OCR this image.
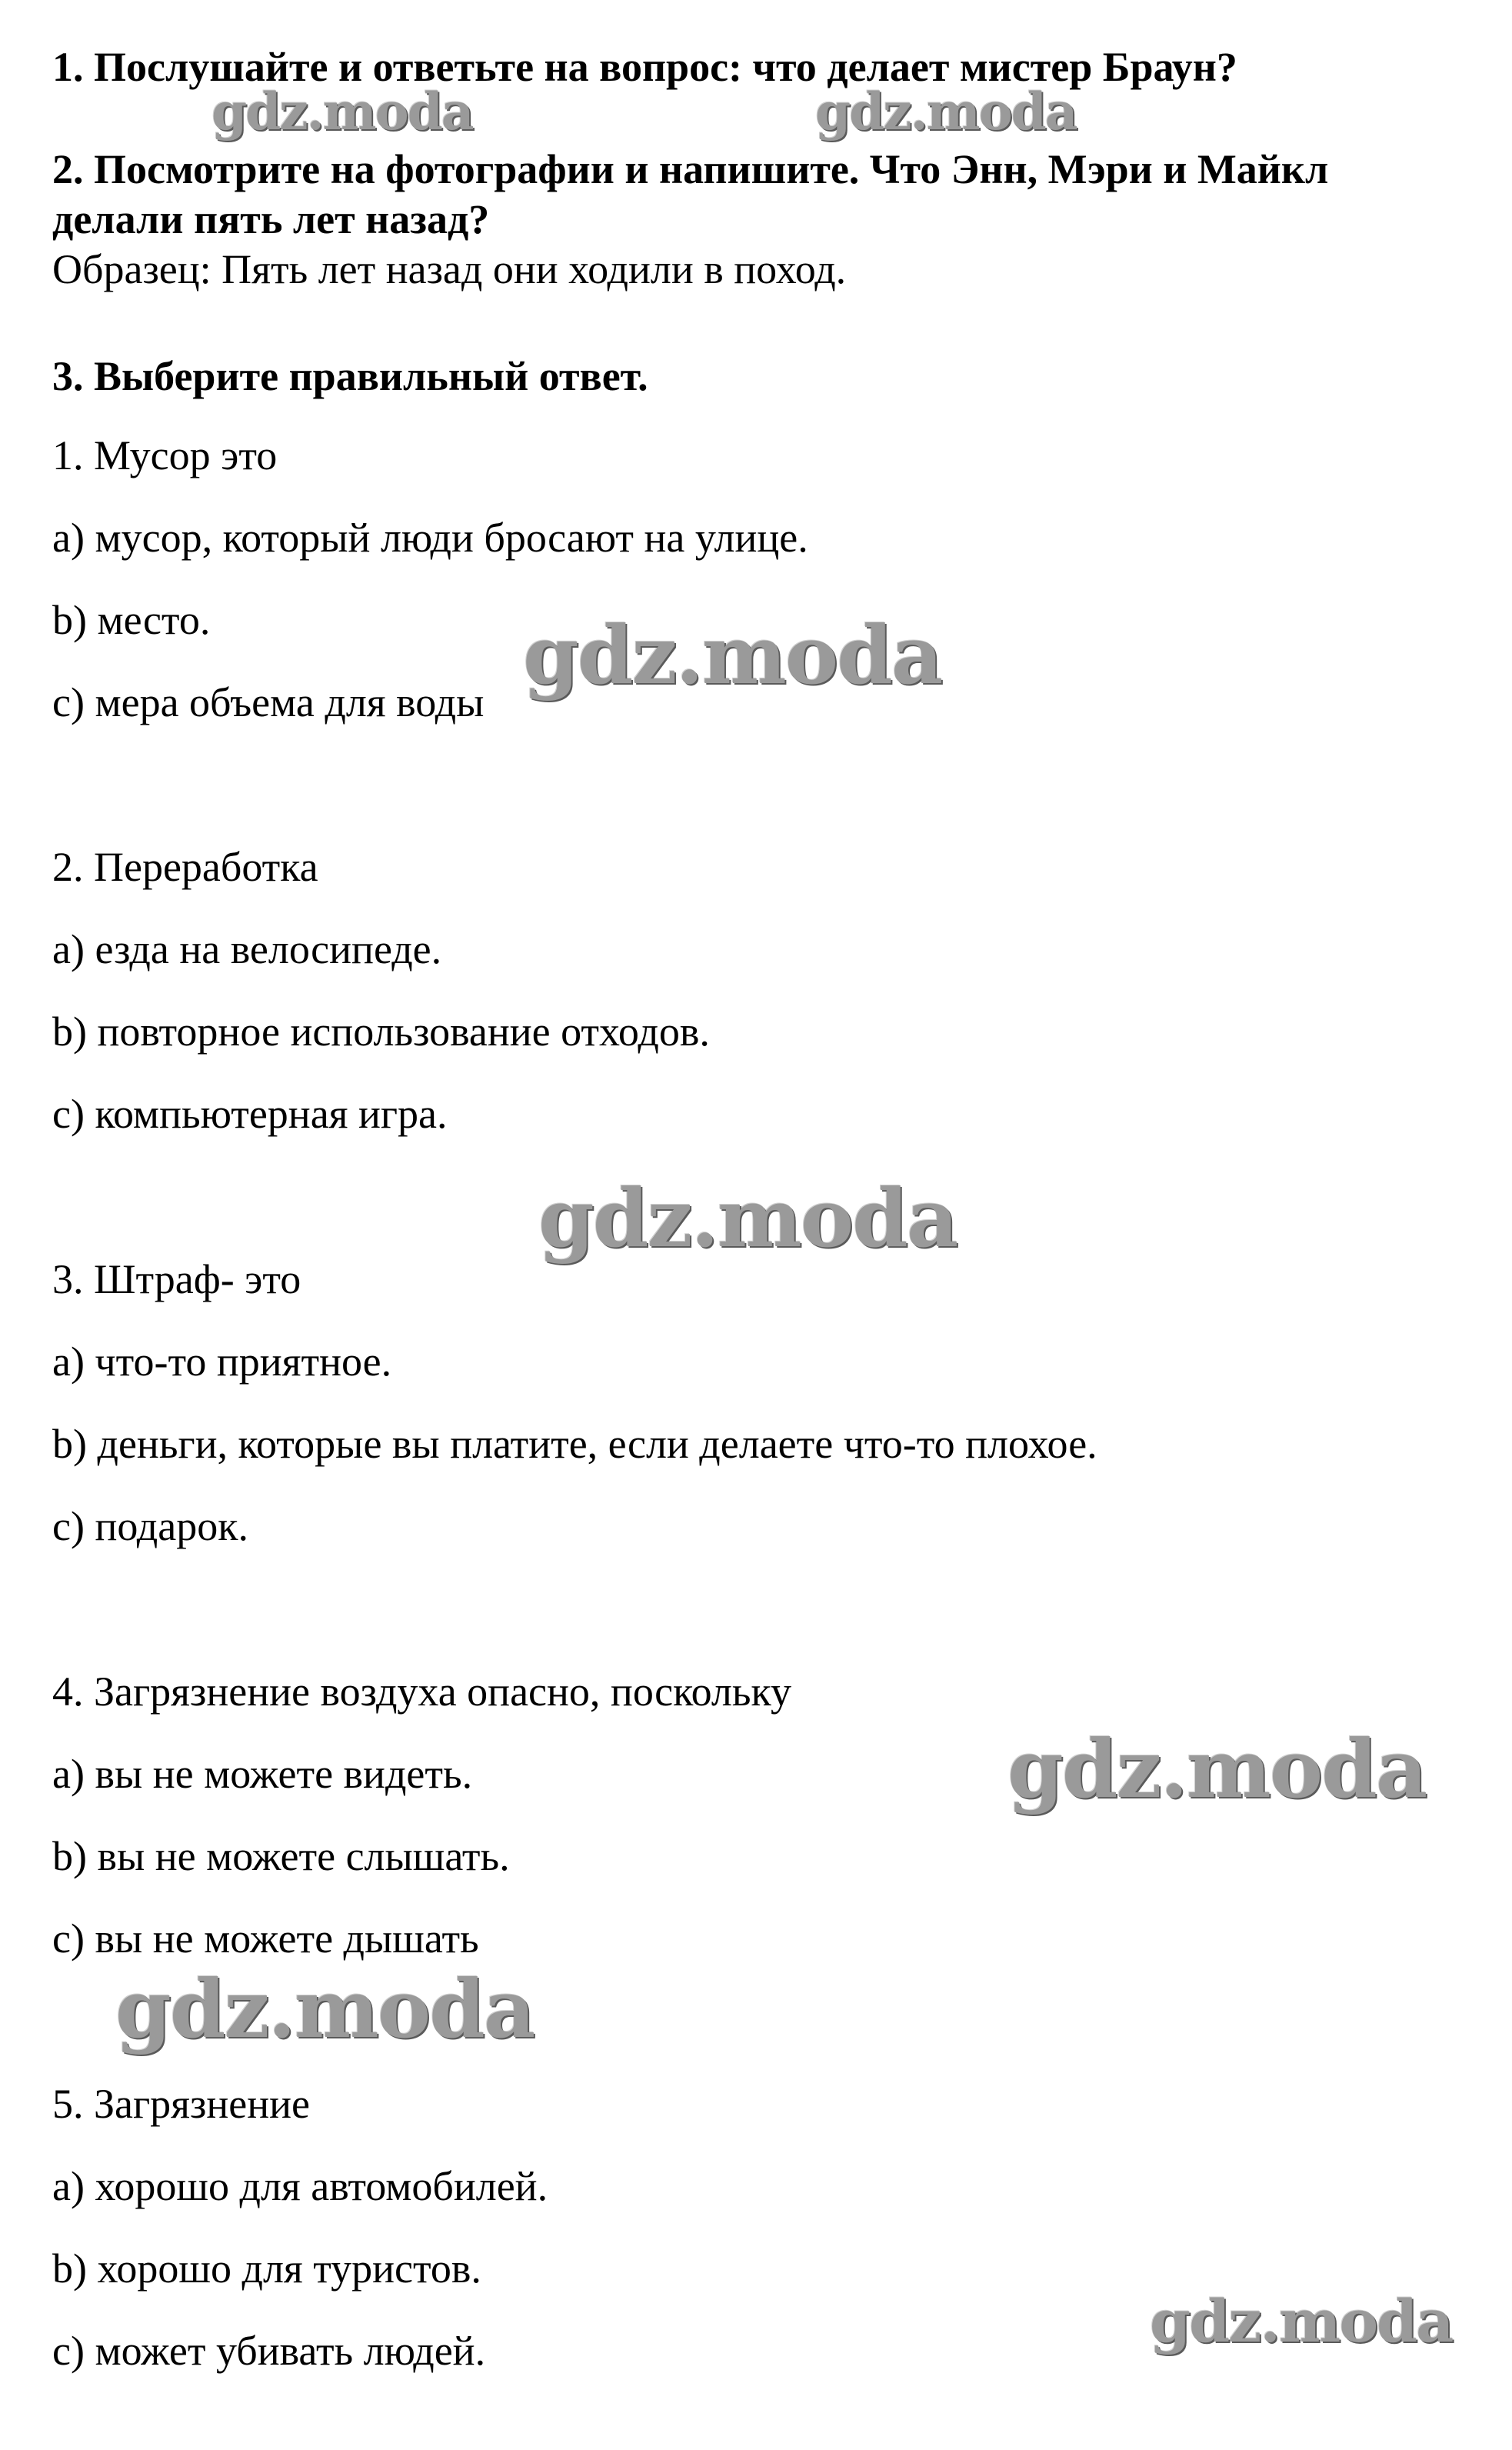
1. Послушайте и ответьте на вопрос: что делает мистер Браун?
2. Посмотрите на фотографии и напишите. Что Энн, Мэри и Майкл
делали пять лет назад?
Образец: Пять лет назад они ходили в поход.
3. Выберите правильный ответ.
1. Мусор это
a) мусор, который люди бросают на улице.
b) место.
c) мера объема для воды
2. Переработка
a) езда на велосипеде.
b) повторное использование отходов.
c) компьютерная игра.
3. Штраф- это
a) что-то приятное.
b) деньги, которые вы платите, если делаете что-то плохое.
c) подарок.
4. Загрязнение воздуха опасно, поскольку
a) вы не можете видеть.
b) вы не можете слышать.
c) вы не можете дышать
5. Загрязнение
a) хорошо для автомобилей.
b) хорошо для туристов.
c) может убивать людей.
gdz.moda	gdz.moda
gdz.moda
gdz.moda
gdz.moda
gdz.moda
gdz.moda
